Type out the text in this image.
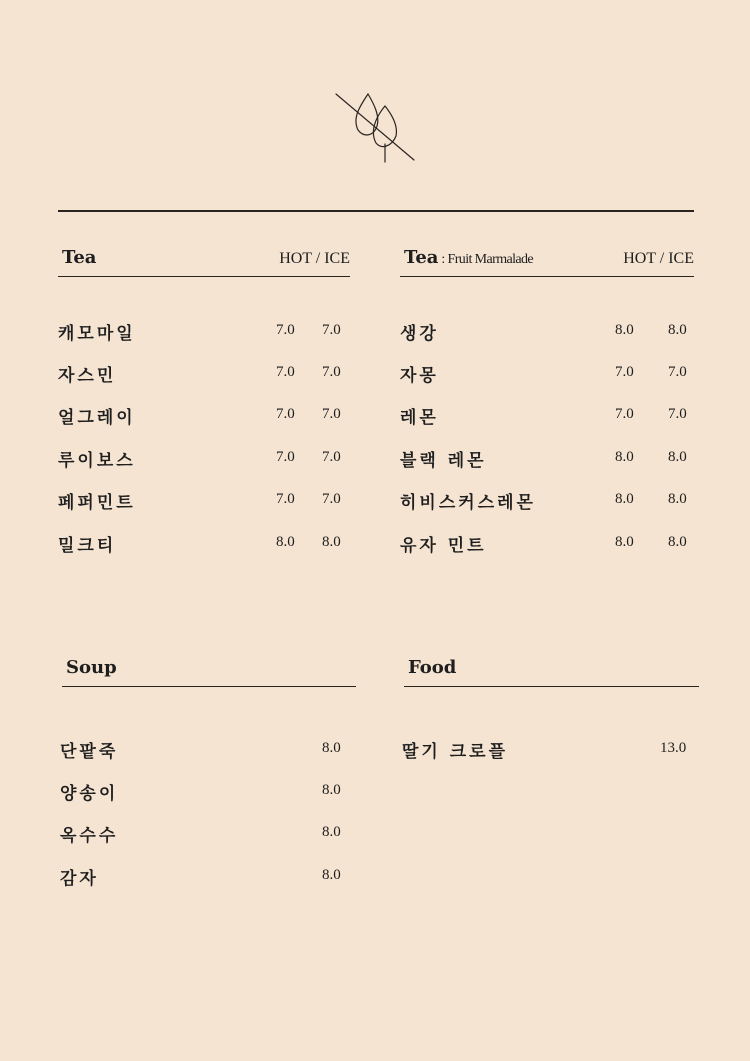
Tea	HOT / ICE
캐모마일	7.0 7.0
자스민	7.0 7.0
얼그레이	7.0 7.0
루이보스	7.0 7.0
페퍼민트	7.0 7.0
밀크티	8.0 8.0
Tea : Fruit Marmalade	HOT / ICE
생강	8.0 8.0
자몽	7.0 7.0
레몬	7.0 7.0
블랙 레몬	8.0 8.0
히비스커스레몬	8.0 8.0
유자 민트	8.0 8.0
Soup
단팥죽	8.0
양송이	8.0
옥수수	8.0
감자	8.0
Food
딸기 크로플	13.0
